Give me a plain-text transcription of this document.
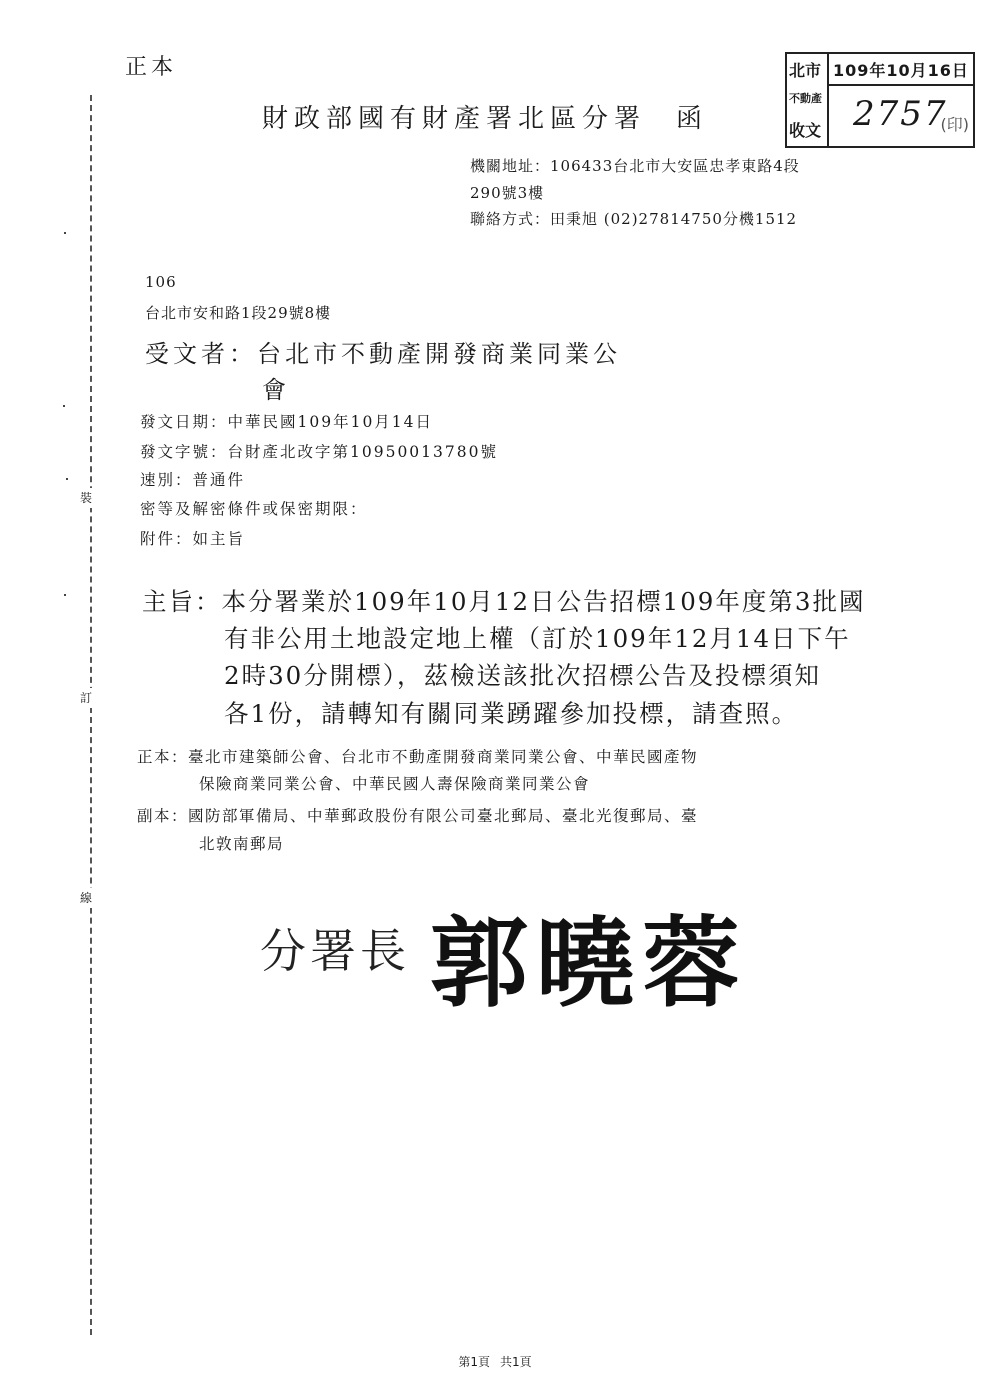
裝
訂
線
正本
財政部國有財產署北區分署 函
北市
不動產
收文
109年10月16日
2757
(印)
機關地址：106433台北市大安區忠孝東路4段
290號3樓
聯絡方式：田秉旭 (02)27814750分機1512
106
台北市安和路1段29號8樓
受文者：台北市不動產開發商業同業公
會
發文日期：中華民國109年10月14日
發文字號：台財產北改字第10950013780號
速別：普通件
密等及解密條件或保密期限：
附件：如主旨
主旨：本分署業於109年10月12日公告招標109年度第3批國
有非公用土地設定地上權（訂於109年12月14日下午
2時30分開標），茲檢送該批次招標公告及投標須知
各1份，請轉知有關同業踴躍參加投標，請查照。
正本：臺北市建築師公會、台北市不動產開發商業同業公會、中華民國產物
保險商業同業公會、中華民國人壽保險商業同業公會
副本：國防部軍備局、中華郵政股份有限公司臺北郵局、臺北光復郵局、臺
北敦南郵局
分署長 郭曉蓉
第1頁 共1頁
